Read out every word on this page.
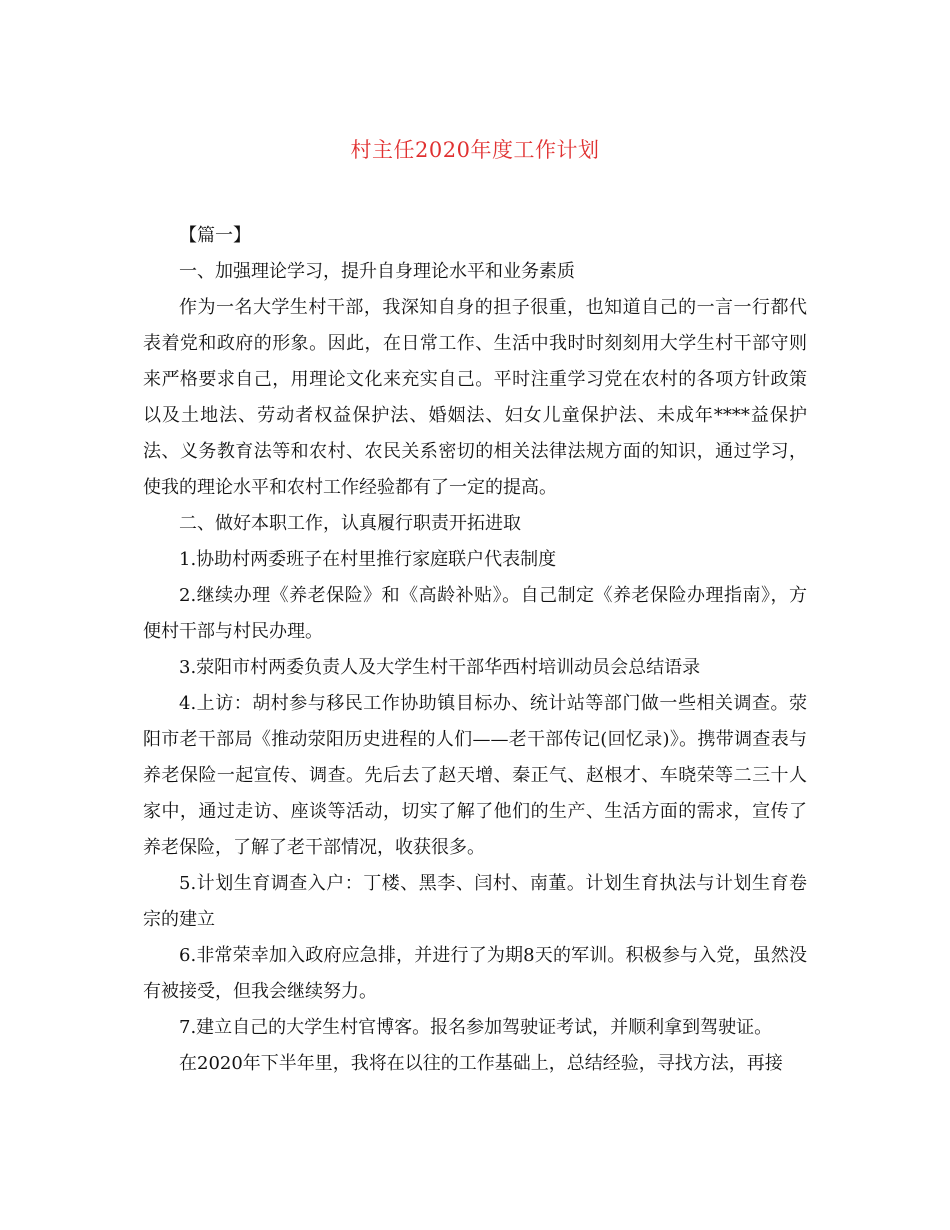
村主任2020年度工作计划

【篇一】

一、加强理论学习，提升自身理论水平和业务素质

作为一名大学生村干部，我深知自身的担子很重，也知道自己的一言一行都代表着党和政府的形象。因此，在日常工作、生活中我时时刻刻用大学生村干部守则来严格要求自己，用理论文化来充实自己。平时注重学习党在农村的各项方针政策以及土地法、劳动者权益保护法、婚姻法、妇女儿童保护法、未成年****益保护法、义务教育法等和农村、农民关系密切的相关法律法规方面的知识，通过学习，使我的理论水平和农村工作经验都有了一定的提高。

二、做好本职工作，认真履行职责开拓进取

1.协助村两委班子在村里推行家庭联户代表制度

2.继续办理《养老保险》和《高龄补贴》。自己制定《养老保险办理指南》，方便村干部与村民办理。

3.荥阳市村两委负责人及大学生村干部华西村培训动员会总结语录

4.上访：胡村参与移民工作协助镇目标办、统计站等部门做一些相关调查。荥阳市老干部局《推动荥阳历史进程的人们——老干部传记(回忆录)》。携带调查表与养老保险一起宣传、调查。先后去了赵天增、秦正气、赵根才、车晓荣等二三十人家中，通过走访、座谈等活动，切实了解了他们的生产、生活方面的需求，宣传了养老保险，了解了老干部情况，收获很多。

5.计划生育调查入户：丁楼、黑李、闫村、南董。计划生育执法与计划生育卷宗的建立

6.非常荣幸加入政府应急排，并进行了为期8天的军训。积极参与入党，虽然没有被接受，但我会继续努力。

7.建立自己的大学生村官博客。报名参加驾驶证考试，并顺利拿到驾驶证。

在2020年下半年里，我将在以往的工作基础上，总结经验，寻找方法，再接
